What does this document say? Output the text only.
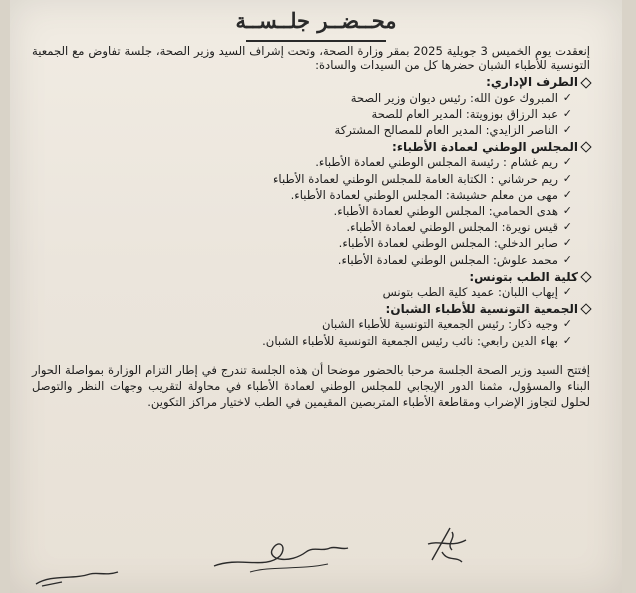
محــضــر جلــســة

إنعقدت يوم الخميس 3 جويلية 2025 بمقر وزارة الصحة، وتحت إشراف السيد وزير الصحة، جلسة تفاوض مع الجمعية التونسية للأطباء الشبان حضرها كل من السيدات والسادة:

الطرف الإداري:
✓
المبروك عون الله: رئيس ديوان وزير الصحة
✓
عبد الرزاق بوزويتة: المدير العام للصحة
✓
الناصر الزايدي: المدير العام للمصالح المشتركة
المجلس الوطني لعمادة الأطباء:
✓
ريم غشام : رئيسة المجلس الوطني لعمادة الأطباء.
✓
ريم حرشاني : الكتابة العامة للمجلس الوطني لعمادة الأطباء
✓
مهى من معلم حشيشة: المجلس الوطني لعمادة الأطباء.
✓
هدى الحمامي: المجلس الوطني لعمادة الأطباء.
✓
قيس نويرة: المجلس الوطني لعمادة الأطباء.
✓
صابر الدخلي: المجلس الوطني لعمادة الأطباء.
✓
محمد علوش: المجلس الوطني لعمادة الأطباء.
كلية الطب بتونس:
✓
إيهاب اللبان: عميد كلية الطب بتونس
الجمعية التونسية للأطباء الشبان:
✓
وجيه ذكار: رئيس الجمعية التونسية للأطباء الشبان
✓
بهاء الدين رابعي: نائب رئيس الجمعية التونسية للأطباء الشبان.

إفتتح السيد وزير الصحة الجلسة مرحبا بالحضور موضحا أن هذه الجلسة تندرج في إطار التزام الوزارة بمواصلة الحوار البناء والمسؤول، مثمنا الدور الإيجابي للمجلس الوطني لعمادة الأطباء في محاولة لتقريب وجهات النظر والتوصل لحلول لتجاوز الإضراب ومقاطعة الأطباء المتربصين المقيمين في الطب لاختيار مراكز التكوين.
